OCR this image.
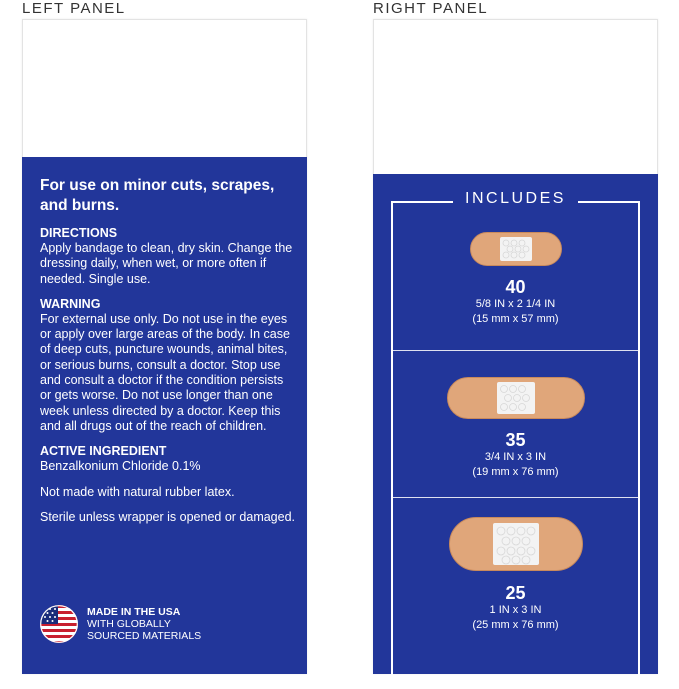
LEFT PANEL	RIGHT PANEL
For use on minor cuts, scrapes, and burns.
DIRECTIONS
Apply bandage to clean, dry skin. Change the dressing daily, when wet, or more often if needed. Single use.
WARNING
For external use only. Do not use in the eyes or apply over large areas of the body. In case of deep cuts, puncture wounds, animal bites, or serious burns, consult a doctor. Stop use and consult a doctor if the condition persists or gets worse. Do not use longer than one week unless directed by a doctor. Keep this and all drugs out of the reach of children.
ACTIVE INGREDIENT
Benzalkonium Chloride 0.1%
Not made with natural rubber latex.
Sterile unless wrapper is opened or damaged.
MADE IN THE USA
WITH GLOBALLY
SOURCED MATERIALS
INCLUDES
40
5/8 IN x 2 1/4 IN
(15 mm x 57 mm)
35
3/4 IN x 3 IN
(19 mm x 76 mm)
25
1 IN x 3 IN
(25 mm x 76 mm)
